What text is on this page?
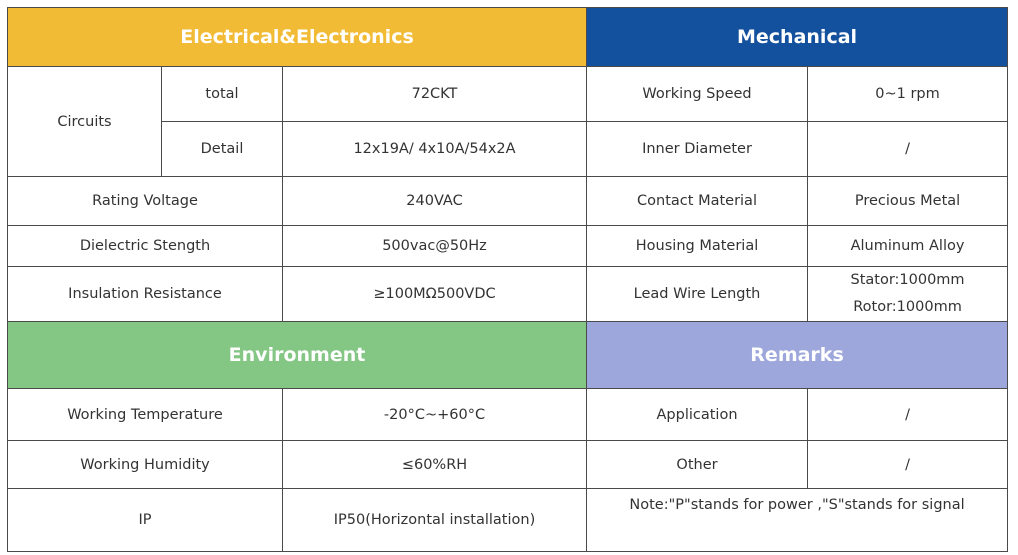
Electrical&Electronics			Mechanical	
Circuits	total	72CKT	Working Speed	0~1 rpm
	Detail	12x19A/ 4x10A/54x2A	Inner Diameter	/
Rating Voltage		240VAC	Contact Material	Precious Metal
Dielectric Stength		500vac@50Hz	Housing Material	Aluminum Alloy
Insulation Resistance		≥100MΩ500VDC	Lead Wire Length	Stator:1000mm
Rotor:1000mm

Environment			Remarks	
Working Temperature		-20°C~+60°C	Application	/
Working Humidity		≤60%RH	Other	/
IP		IP50(Horizontal installation)	Note:"P"stands for power ,"S"stands for signal	
